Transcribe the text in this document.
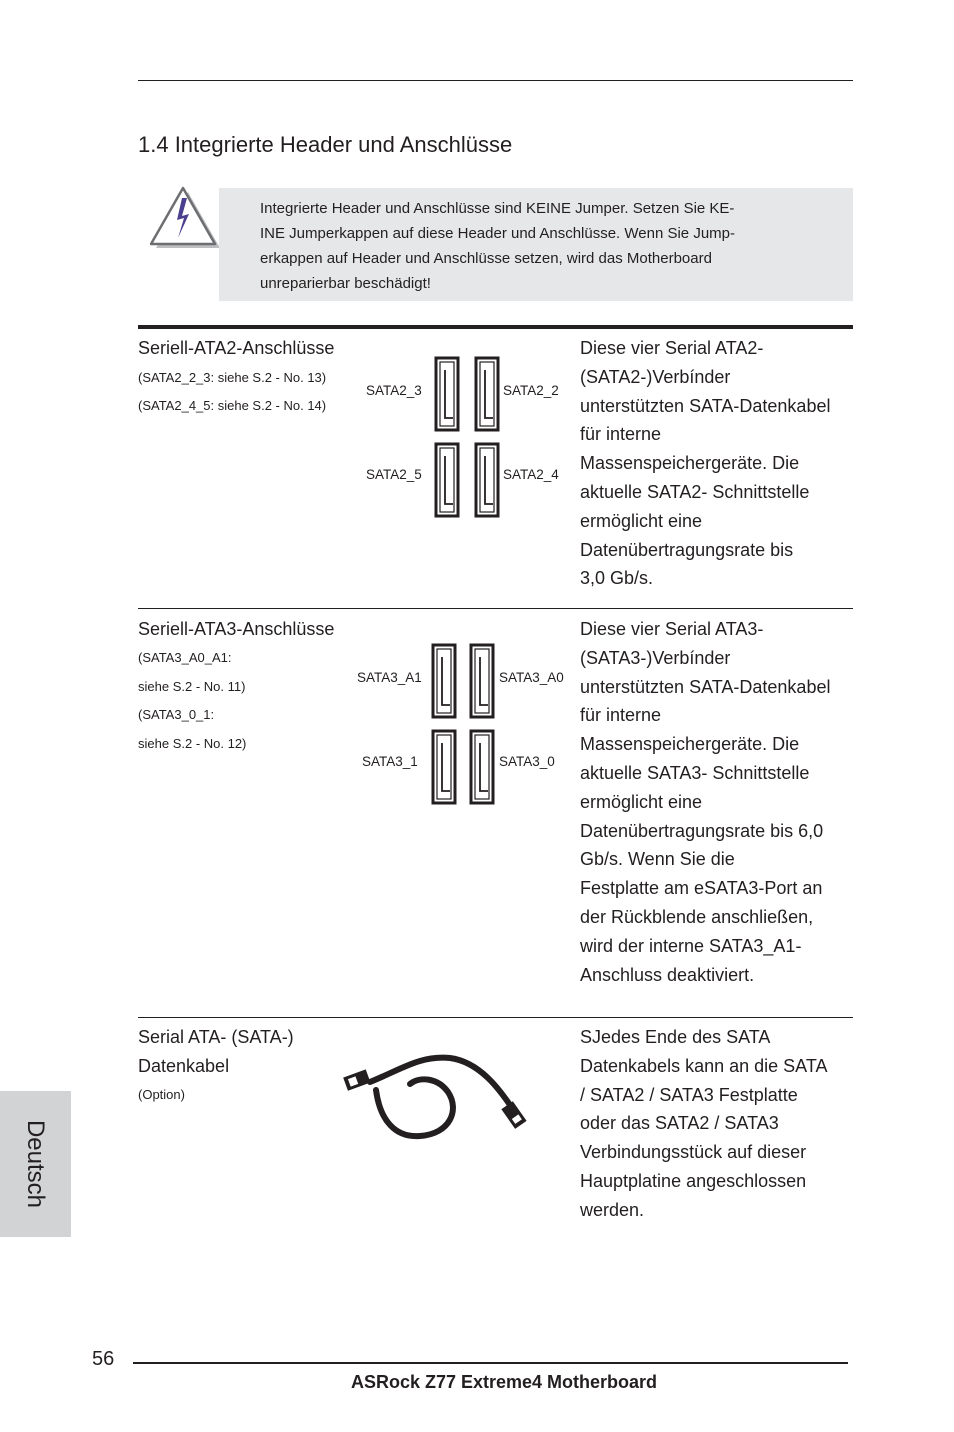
1.4 Integrierte Header und Anschlüsse
Integrierte Header und Anschlüsse sind KEINE Jumper. Setzen Sie KE-
INE Jumperkappen auf diese Header und Anschlüsse. Wenn Sie Jump-
erkappen auf Header und Anschlüsse setzen, wird das Motherboard
unreparierbar beschädigt!
Seriell-ATA2-Anschlüsse
(SATA2_2_3: siehe S.2 - No. 13)
(SATA2_4_5: siehe S.2 - No. 14)
SATA2_3	SATA2_2
SATA2_5	SATA2_4
Diese vier Serial ATA2-
(SATA2-)Verbínder
unterstützten SATA-Datenkabel
für interne
Massenspeichergeräte. Die
aktuelle SATA2- Schnittstelle
ermöglicht eine
Datenübertragungsrate bis
3,0 Gb/s.
Seriell-ATA3-Anschlüsse
(SATA3_A0_A1:
siehe S.2 - No. 11)
(SATA3_0_1:
siehe S.2 - No. 12)
SATA3_A1	SATA3_A0
SATA3_1	SATA3_0
Diese vier Serial ATA3-
(SATA3-)Verbínder
unterstützten SATA-Datenkabel
für interne
Massenspeichergeräte. Die
aktuelle SATA3- Schnittstelle
ermöglicht eine
Datenübertragungsrate bis 6,0
Gb/s. Wenn Sie die
Festplatte am eSATA3-Port an
der Rückblende anschließen,
wird der interne SATA3_A1-
Anschluss deaktiviert.
Serial ATA- (SATA-)
Datenkabel
(Option)
SJedes Ende des SATA
Datenkabels kann an die SATA
/ SATA2 / SATA3 Festplatte
oder das SATA2 / SATA3
Verbindungsstück auf dieser
Hauptplatine angeschlossen
werden.
Deutsch
56
ASRock Z77 Extreme4 Motherboard
